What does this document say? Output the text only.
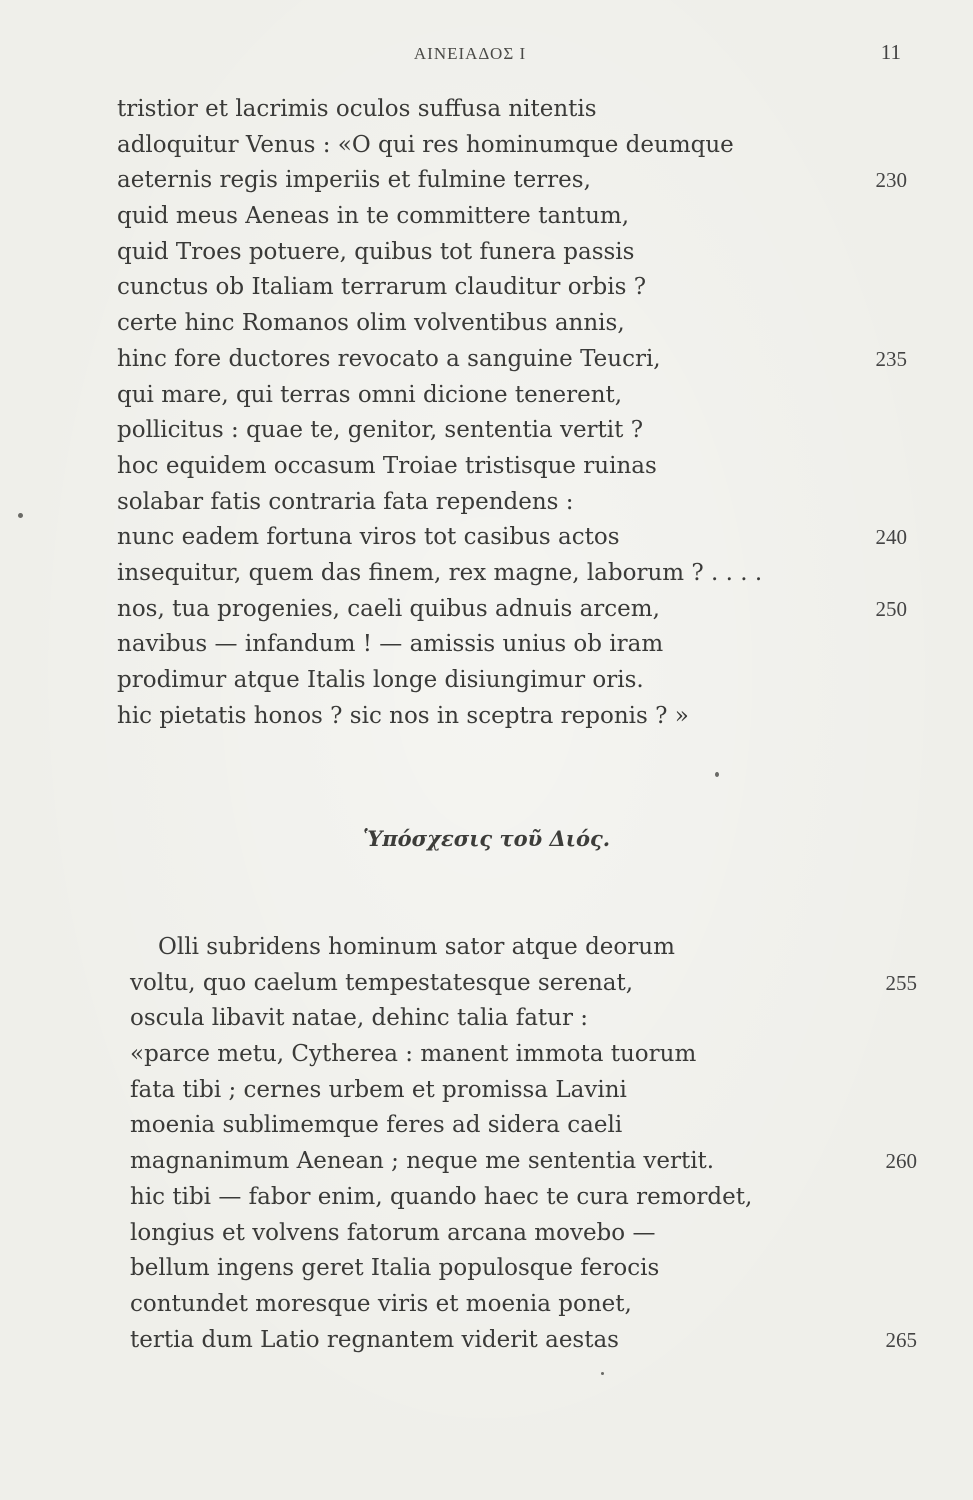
ΑΙΝΕΙΑΔΟΣ Ι	11
tristior et lacrimis oculos suffusa nitentis
adloquitur Venus : «O qui res hominumque deumque
aeternis regis imperiis et fulmine terres,	230
quid meus Aeneas in te committere tantum,
quid Troes potuere, quibus tot funera passis
cunctus ob Italiam terrarum clauditur orbis ?
certe hinc Romanos olim volventibus annis,
hinc fore ductores revocato a sanguine Teucri,	235
qui mare, qui terras omni dicione tenerent,
pollicitus : quae te, genitor, sententia vertit ?
hoc equidem occasum Troiae tristisque ruinas
solabar fatis contraria fata rependens :
nunc eadem fortuna viros tot casibus actos	240
insequitur, quem das finem, rex magne, laborum ? . . . .
nos, tua progenies, caeli quibus adnuis arcem,	250
navibus — infandum ! — amissis unius ob iram
prodimur atque Italis longe disiungimur oris.
hic pietatis honos ? sic nos in sceptra reponis ? »
Ὑπόσχεσις τοῦ Διός.
Olli subridens hominum sator atque deorum
voltu, quo caelum tempestatesque serenat,	255
oscula libavit natae, dehinc talia fatur :
«parce metu, Cytherea : manent immota tuorum
fata tibi ; cernes urbem et promissa Lavini
moenia sublimemque feres ad sidera caeli
magnanimum Aenean ; neque me sententia vertit.	260
hic tibi — fabor enim, quando haec te cura remordet,
longius et volvens fatorum arcana movebo —
bellum ingens geret Italia populosque ferocis
contundet moresque viris et moenia ponet,
tertia dum Latio regnantem viderit aestas	265
